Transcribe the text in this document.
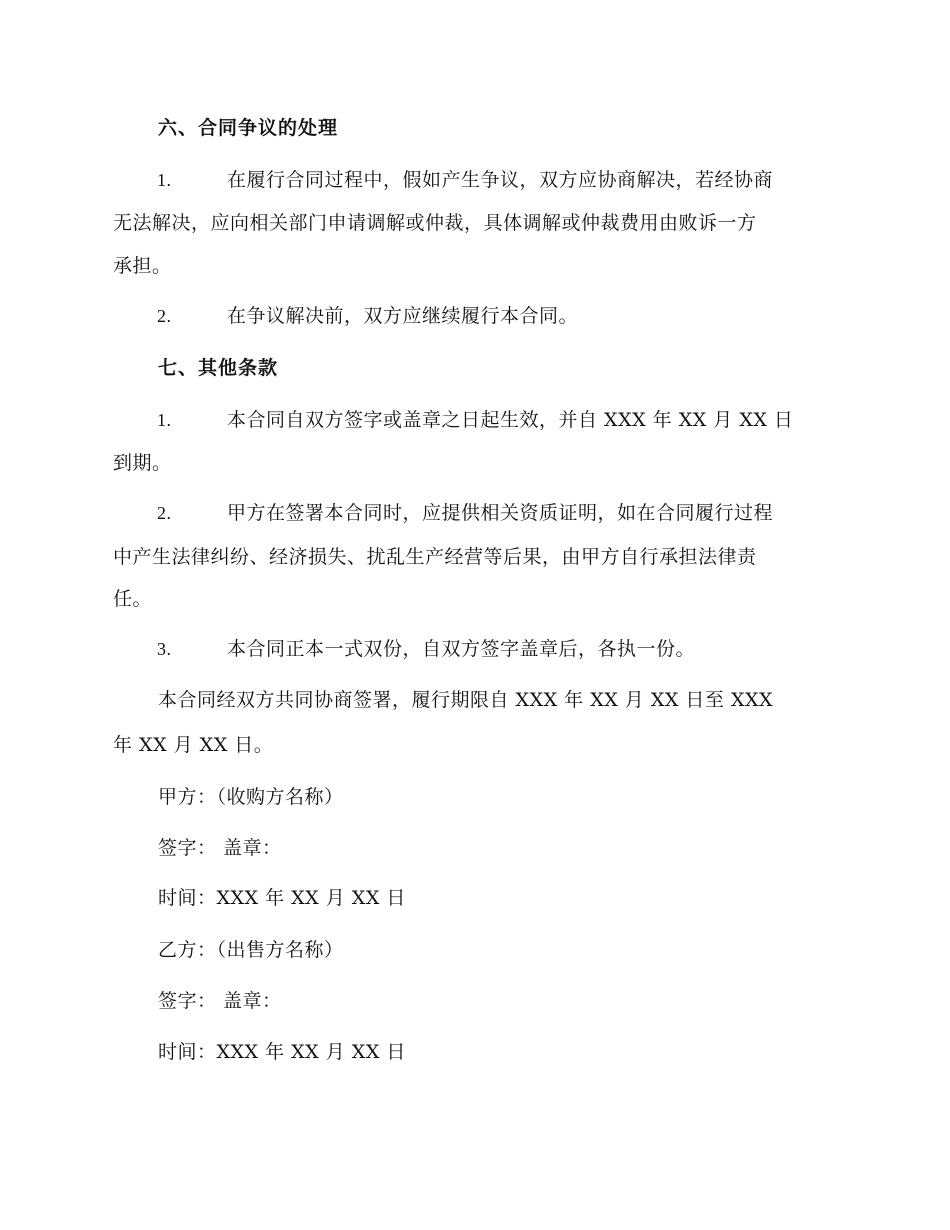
六、合同争议的处理
1.	在履行合同过程中，假如产生争议，双方应协商解决，若经协商
无法解决，应向相关部门申请调解或仲裁，具体调解或仲裁费用由败诉一方
承担。
2.	在争议解决前，双方应继续履行本合同。
七、其他条款
1.	本合同自双方签字或盖章之日起生效，并自 XXX 年 XX 月 XX 日
到期。
2.	甲方在签署本合同时，应提供相关资质证明，如在合同履行过程
中产生法律纠纷、经济损失、扰乱生产经营等后果，由甲方自行承担法律责
任。
3.	本合同正本一式双份，自双方签字盖章后，各执一份。
本合同经双方共同协商签署，履行期限自 XXX 年 XX 月 XX 日至 XXX
年 XX 月 XX 日。
甲方：（收购方名称）
签字： 盖章：
时间：XXX 年 XX 月 XX 日
乙方：（出售方名称）
签字： 盖章：
时间：XXX 年 XX 月 XX 日
